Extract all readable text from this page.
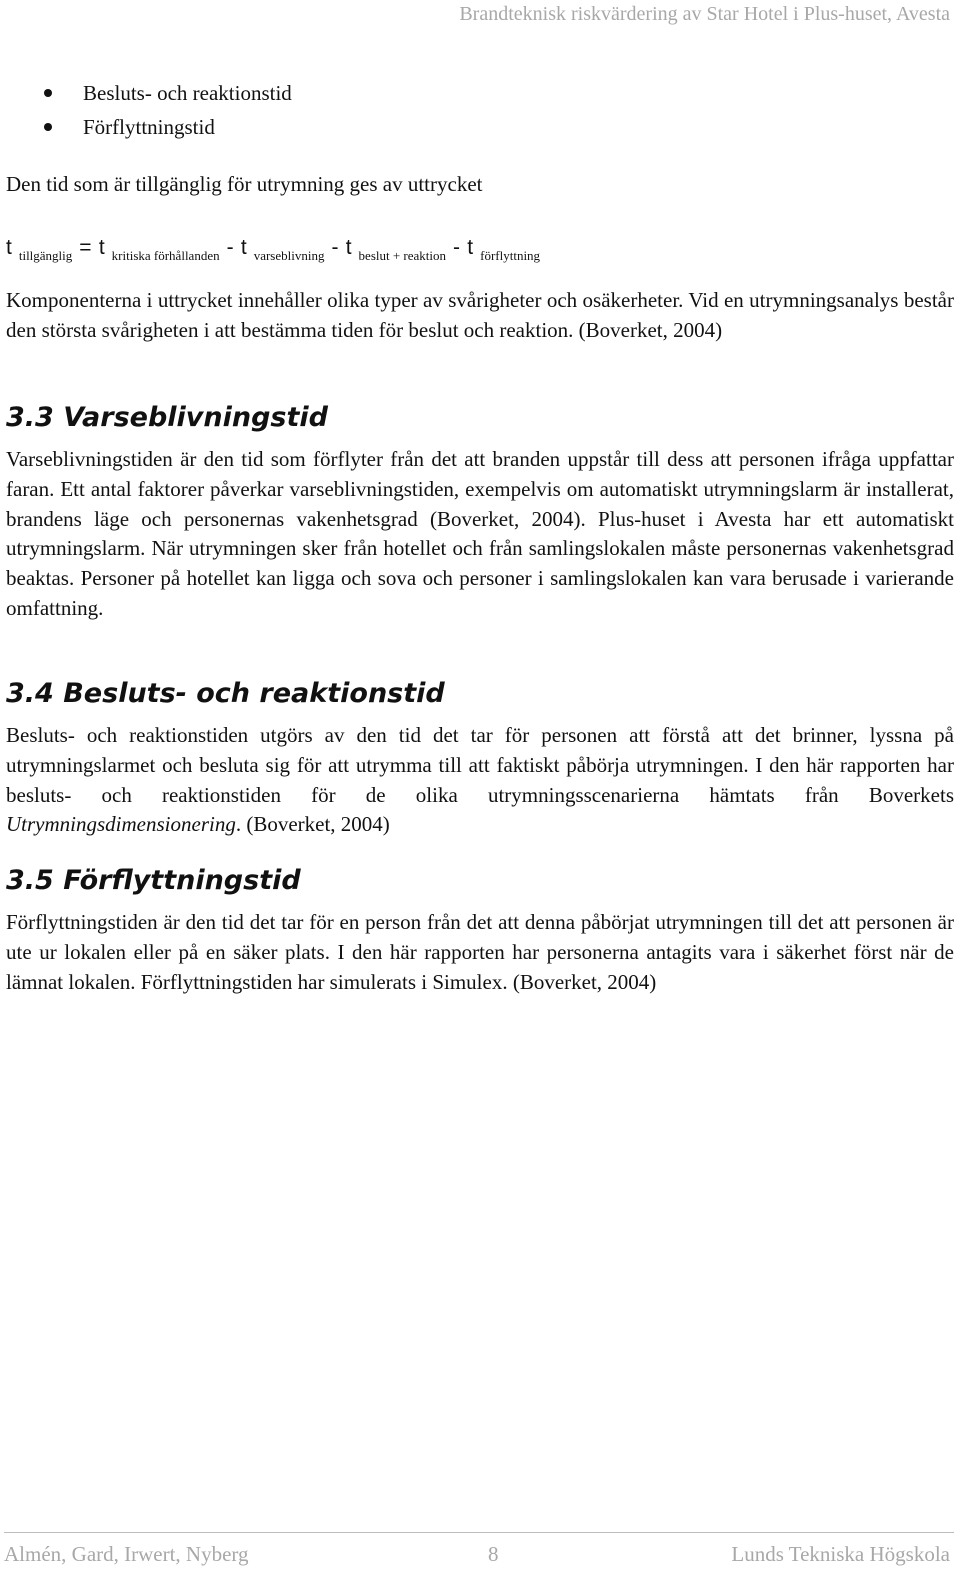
Brandteknisk riskvärdering av Star Hotel i Plus-huset, Avesta
Besluts- och reaktionstid
Förflyttningstid
Den tid som är tillgänglig för utrymning ges av uttrycket
t $_{tillgänglig}$ = t $_{kritiska förhållanden}$ - t $_{varseblivning}$ - t $_{beslut + reaktion}$ - t $_{förflyttning}$
Komponenterna i uttrycket innehåller olika typer av svårigheter och osäkerheter. Vid en utrymningsanalys består den största svårigheten i att bestämma tiden för beslut och reaktion. (Boverket, 2004)
3.3 Varseblivningstid
Varseblivningstiden är den tid som förflyter från det att branden uppstår till dess att personen ifråga uppfattar faran. Ett antal faktorer påverkar varseblivningstiden, exempelvis om automatiskt utrymningslarm är installerat, brandens läge och personernas vakenhetsgrad (Boverket, 2004). Plus-huset i Avesta har ett automatiskt utrymningslarm. När utrymningen sker från hotellet och från samlingslokalen måste personernas vakenhetsgrad beaktas. Personer på hotellet kan ligga och sova och personer i samlingslokalen kan vara berusade i varierande omfattning.
3.4 Besluts- och reaktionstid
Besluts- och reaktionstiden utgörs av den tid det tar för personen att förstå att det brinner, lyssna på utrymningslarmet och besluta sig för att utrymma till att faktiskt påbörja utrymningen. I den här rapporten har besluts- och reaktionstiden för de olika utrymningsscenarierna hämtats från Boverkets Utrymningsdimensionering. (Boverket, 2004)
3.5 Förflyttningstid
Förflyttningstiden är den tid det tar för en person från det att denna påbörjat utrymningen till det att personen är ute ur lokalen eller på en säker plats. I den här rapporten har personerna antagits vara i säkerhet först när de lämnat lokalen. Förflyttningstiden har simulerats i Simulex. (Boverket, 2004)
Almén, Gard, Irwert, Nyberg	8	Lunds Tekniska Högskola
